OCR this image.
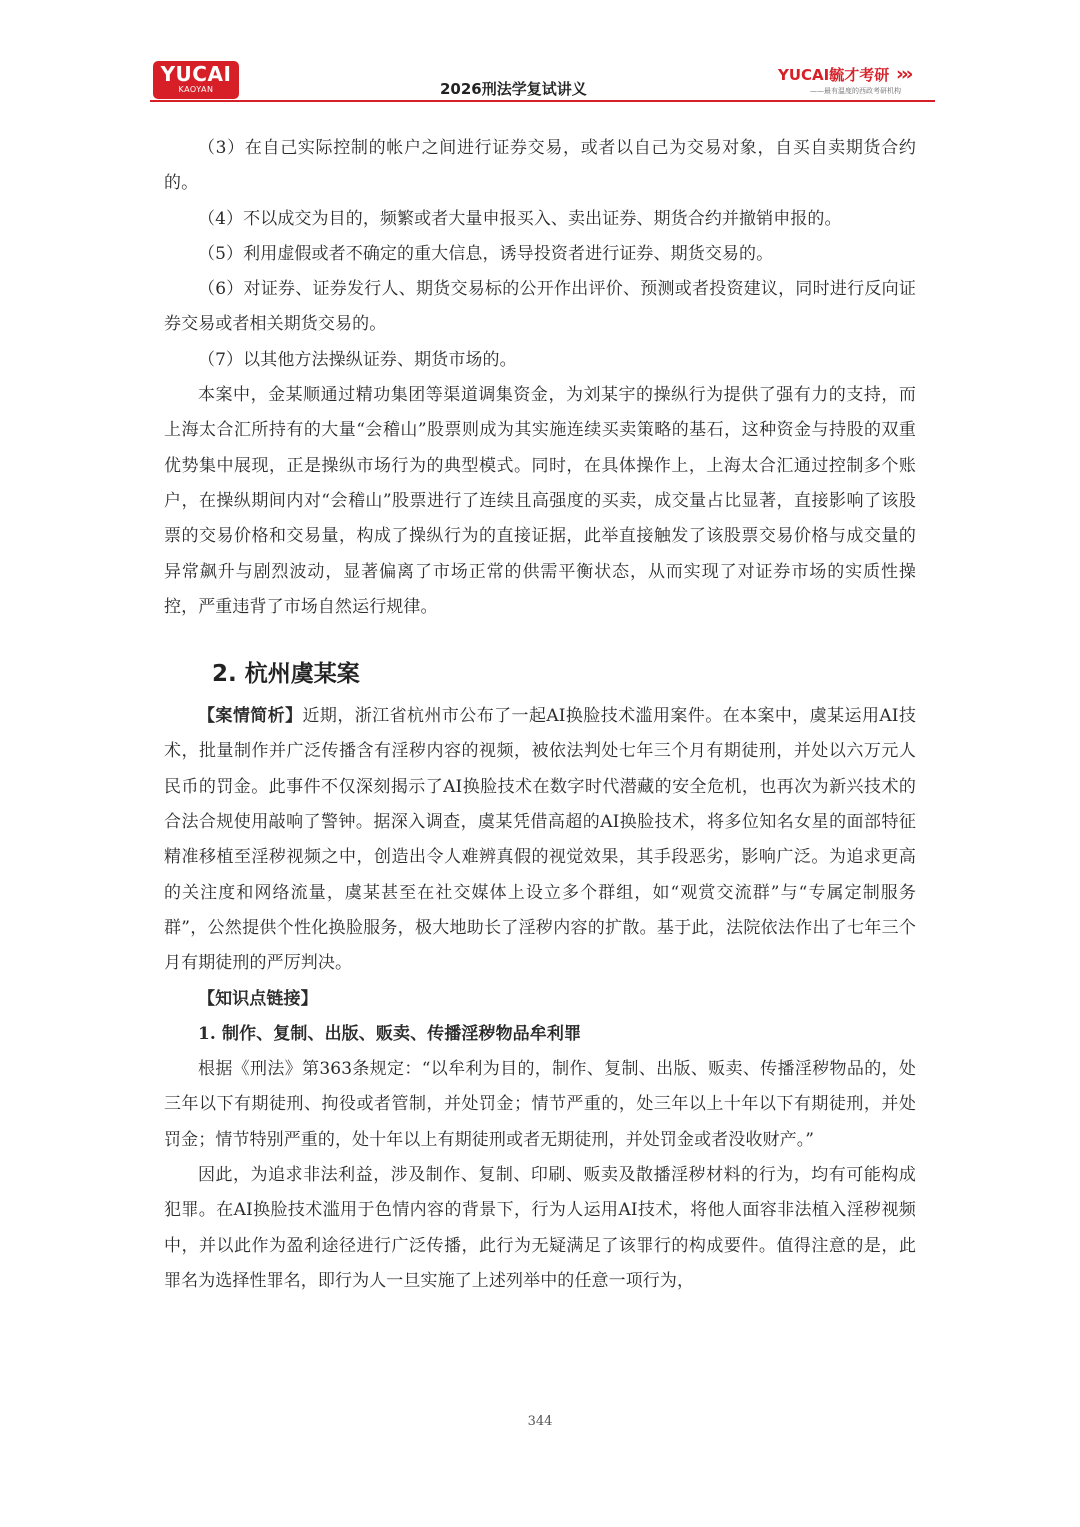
YUCAI
KAOYAN	2026刑法学复试讲义
YUCAI毓才考研
——最有温度的西政考研机构
›››

（3）在自己实际控制的帐户之间进行证券交易，或者以自己为交易对象，自买自卖期货合约的。

（4）不以成交为目的，频繁或者大量申报买入、卖出证券、期货合约并撤销申报的。

（5）利用虚假或者不确定的重大信息，诱导投资者进行证券、期货交易的。

（6）对证券、证券发行人、期货交易标的公开作出评价、预测或者投资建议，同时进行反向证券交易或者相关期货交易的。

（7）以其他方法操纵证券、期货市场的。

本案中，金某顺通过精功集团等渠道调集资金，为刘某宇的操纵行为提供了强有力的支持，而上海太合汇所持有的大量“会稽山”股票则成为其实施连续买卖策略的基石，这种资金与持股的双重优势集中展现，正是操纵市场行为的典型模式。同时，在具体操作上，上海太合汇通过控制多个账户，在操纵期间内对“会稽山”股票进行了连续且高强度的买卖，成交量占比显著，直接影响了该股票的交易价格和交易量，构成了操纵行为的直接证据，此举直接触发了该股票交易价格与成交量的异常飙升与剧烈波动，显著偏离了市场正常的供需平衡状态，从而实现了对证券市场的实质性操控，严重违背了市场自然运行规律。

2. 杭州虞某案

【案情简析】近期，浙江省杭州市公布了一起AI换脸技术滥用案件。在本案中，虞某运用AI技术，批量制作并广泛传播含有淫秽内容的视频，被依法判处七年三个月有期徒刑，并处以六万元人民币的罚金。此事件不仅深刻揭示了AI换脸技术在数字时代潜藏的安全危机，也再次为新兴技术的合法合规使用敲响了警钟。据深入调查，虞某凭借高超的AI换脸技术，将多位知名女星的面部特征精准移植至淫秽视频之中，创造出令人难辨真假的视觉效果，其手段恶劣，影响广泛。为追求更高的关注度和网络流量，虞某甚至在社交媒体上设立多个群组，如“观赏交流群”与“专属定制服务群”，公然提供个性化换脸服务，极大地助长了淫秽内容的扩散。基于此，法院依法作出了七年三个月有期徒刑的严厉判决。

【知识点链接】

1. 制作、复制、出版、贩卖、传播淫秽物品牟利罪

根据《刑法》第363条规定：“以牟利为目的，制作、复制、出版、贩卖、传播淫秽物品的，处三年以下有期徒刑、拘役或者管制，并处罚金；情节严重的，处三年以上十年以下有期徒刑，并处罚金；情节特别严重的，处十年以上有期徒刑或者无期徒刑，并处罚金或者没收财产。”

因此，为追求非法利益，涉及制作、复制、印刷、贩卖及散播淫秽材料的行为，均有可能构成犯罪。在AI换脸技术滥用于色情内容的背景下，行为人运用AI技术，将他人面容非法植入淫秽视频中，并以此作为盈利途径进行广泛传播，此行为无疑满足了该罪行的构成要件。值得注意的是，此罪名为选择性罪名，即行为人一旦实施了上述列举中的任意一项行为，

344
